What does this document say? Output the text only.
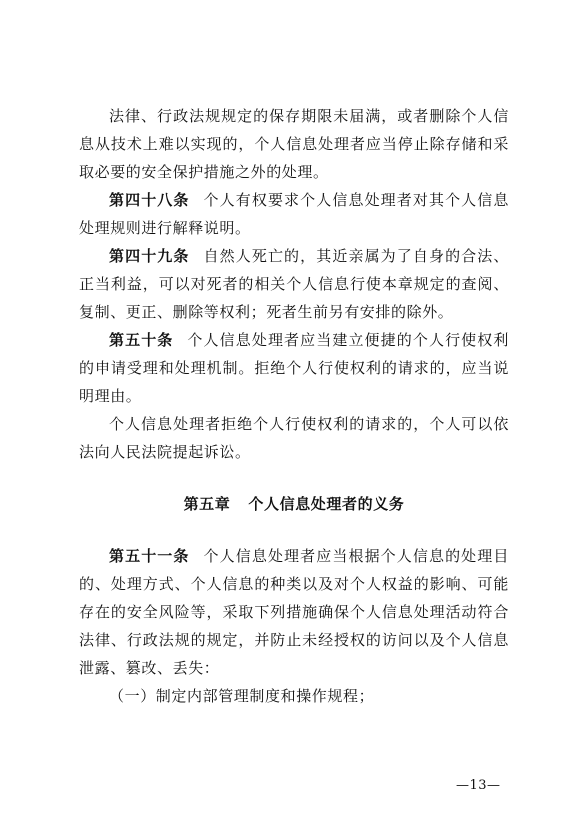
法律、行政法规规定的保存期限未届满，或者删除个人信息从技术上难以实现的，个人信息处理者应当停止除存储和采取必要的安全保护措施之外的处理。

第四十八条 个人有权要求个人信息处理者对其个人信息处理规则进行解释说明。

第四十九条 自然人死亡的，其近亲属为了自身的合法、正当利益，可以对死者的相关个人信息行使本章规定的查阅、复制、更正、删除等权利；死者生前另有安排的除外。

第五十条 个人信息处理者应当建立便捷的个人行使权利的申请受理和处理机制。拒绝个人行使权利的请求的，应当说明理由。

个人信息处理者拒绝个人行使权利的请求的，个人可以依法向人民法院提起诉讼。

第五章 个人信息处理者的义务

第五十一条 个人信息处理者应当根据个人信息的处理目的、处理方式、个人信息的种类以及对个人权益的影响、可能存在的安全风险等，采取下列措施确保个人信息处理活动符合法律、行政法规的规定，并防止未经授权的访问以及个人信息泄露、篡改、丢失：

（一）制定内部管理制度和操作规程；

—13—
